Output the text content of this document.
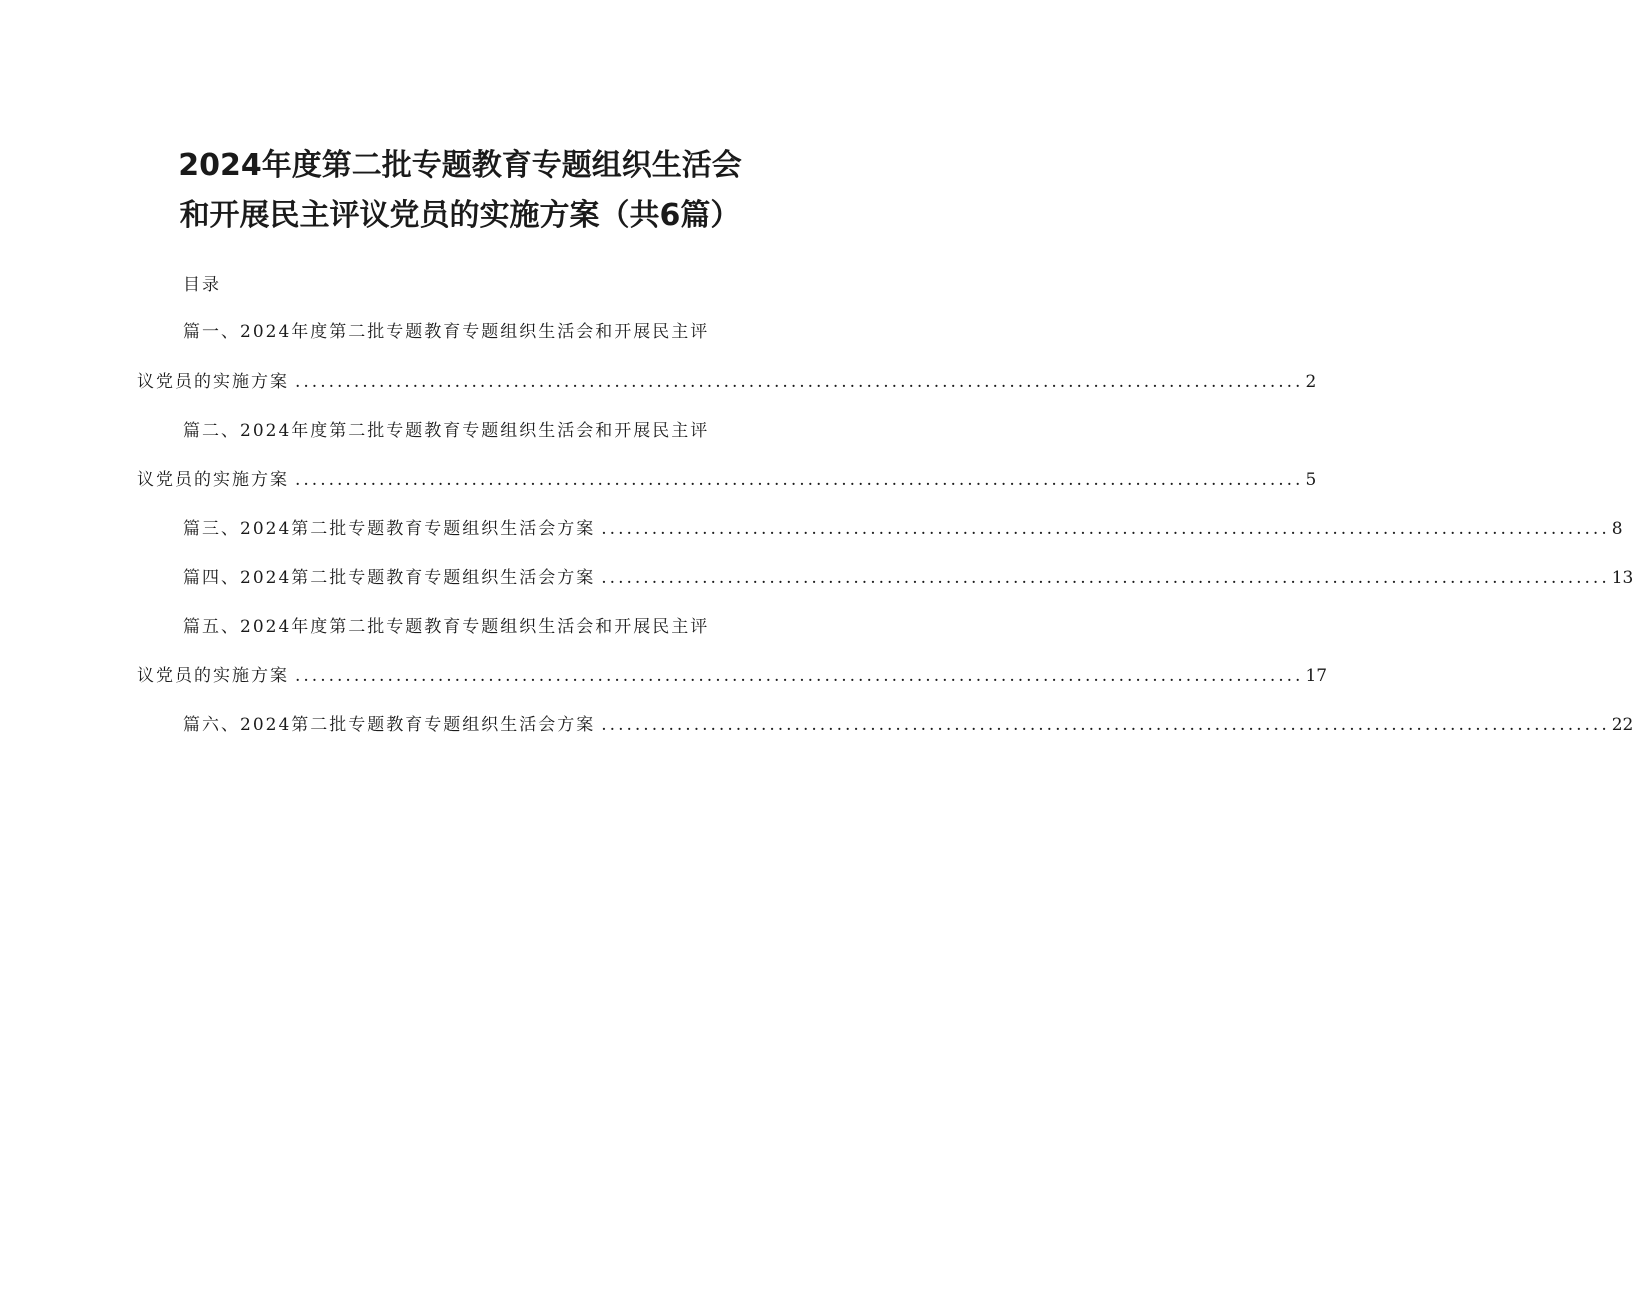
2024年度第二批专题教育专题组织生活会
和开展民主评议党员的实施方案（共6篇）
目录
篇一、2024年度第二批专题教育专题组织生活会和开展民主评
议党员的实施方案 ........................................................................................................................ 2
篇二、2024年度第二批专题教育专题组织生活会和开展民主评
议党员的实施方案 ........................................................................................................................ 5
篇三、2024第二批专题教育专题组织生活会方案 ........................................................................................................................ 8
篇四、2024第二批专题教育专题组织生活会方案 ........................................................................................................................ 13
篇五、2024年度第二批专题教育专题组织生活会和开展民主评
议党员的实施方案 ........................................................................................................................ 17
篇六、2024第二批专题教育专题组织生活会方案 ........................................................................................................................ 22
